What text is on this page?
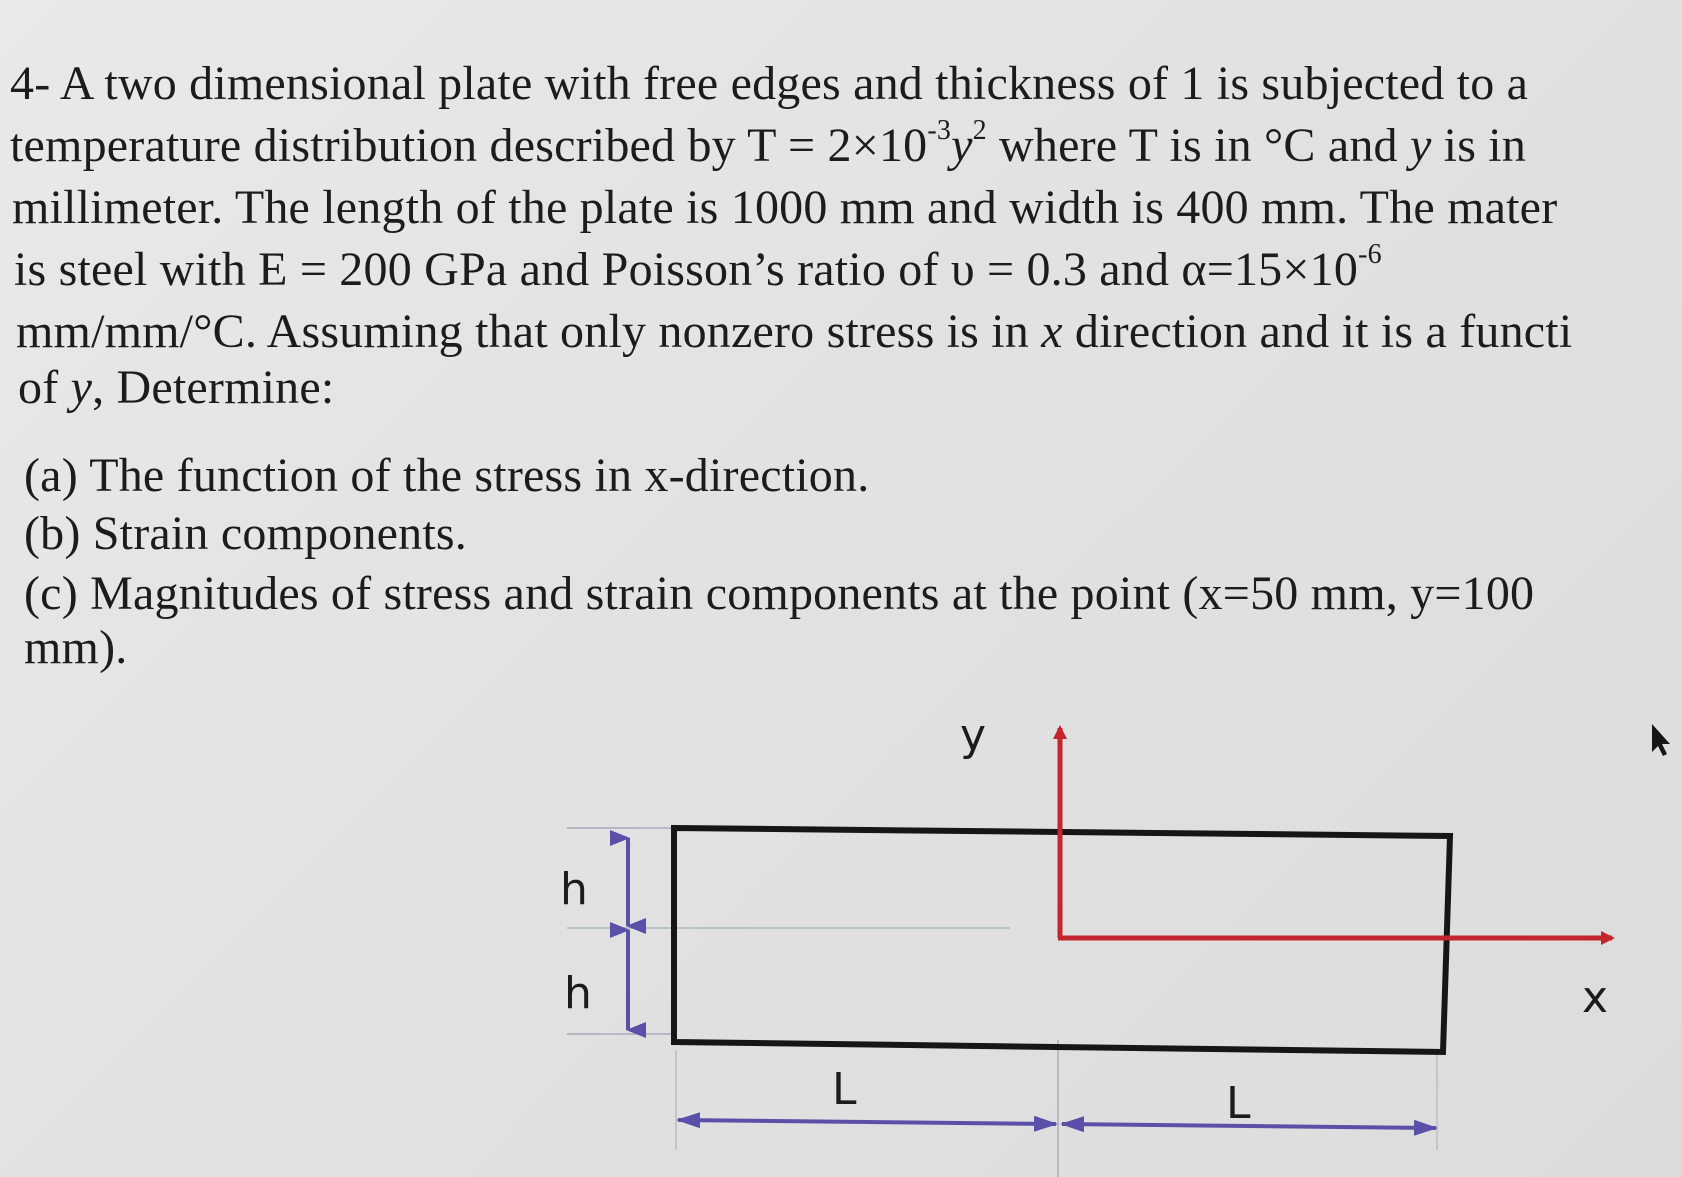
4- A two dimensional plate with free edges and thickness of 1 is subjected to a
temperature distribution described by $T = 2\times 10^{-3}y^2$ where T is in °C and y is in
millimeter. The length of the plate is 1000 mm and width is 400 mm. The mater
is steel with E = 200 GPa and Poisson’s ratio of υ = 0.3 and $\alpha=15\times 10^{-6}$
mm/mm/°C. Assuming that only nonzero stress is in x direction and it is a functi
of y, Determine:
(a) The function of the stress in x-direction.
(b) Strain components.
(c) Magnitudes of stress and strain components at the point (x=50 mm, y=100
mm).
y
x
h
h
L	L
